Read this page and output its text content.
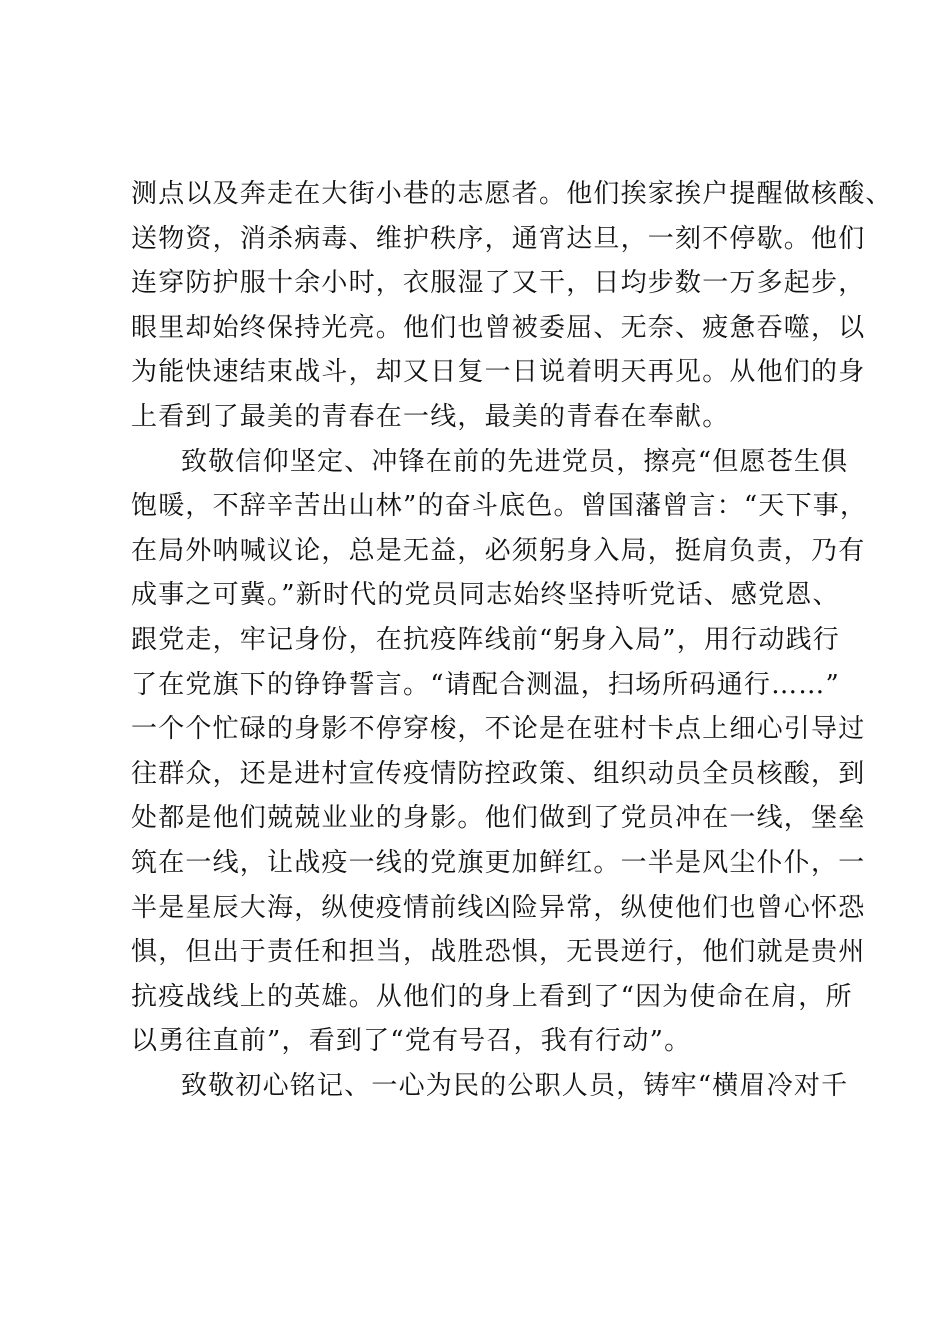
测点以及奔走在大街小巷的志愿者。他们挨家挨户提醒做核酸、
送物资，消杀病毒、维护秩序，通宵达旦，一刻不停歇。他们
连穿防护服十余小时，衣服湿了又干，日均步数一万多起步，
眼里却始终保持光亮。他们也曾被委屈、无奈、疲惫吞噬，以
为能快速结束战斗，却又日复一日说着明天再见。从他们的身
上看到了最美的青春在一线，最美的青春在奉献。
致敬信仰坚定、冲锋在前的先进党员，擦亮“但愿苍生俱
饱暖，不辞辛苦出山林”的奋斗底色。曾国藩曾言：“天下事，
在局外呐喊议论，总是无益，必须躬身入局，挺肩负责，乃有
成事之可冀。”新时代的党员同志始终坚持听党话、感党恩、
跟党走，牢记身份，在抗疫阵线前“躬身入局”，用行动践行
了在党旗下的铮铮誓言。“请配合测温，扫场所码通行……”
一个个忙碌的身影不停穿梭，不论是在驻村卡点上细心引导过
往群众，还是进村宣传疫情防控政策、组织动员全员核酸，到
处都是他们兢兢业业的身影。他们做到了党员冲在一线，堡垒
筑在一线，让战疫一线的党旗更加鲜红。一半是风尘仆仆，一
半是星辰大海，纵使疫情前线凶险异常，纵使他们也曾心怀恐
惧，但出于责任和担当，战胜恐惧，无畏逆行，他们就是贵州
抗疫战线上的英雄。从他们的身上看到了“因为使命在肩，所
以勇往直前”，看到了“党有号召，我有行动”。
致敬初心铭记、一心为民的公职人员，铸牢“横眉冷对千
